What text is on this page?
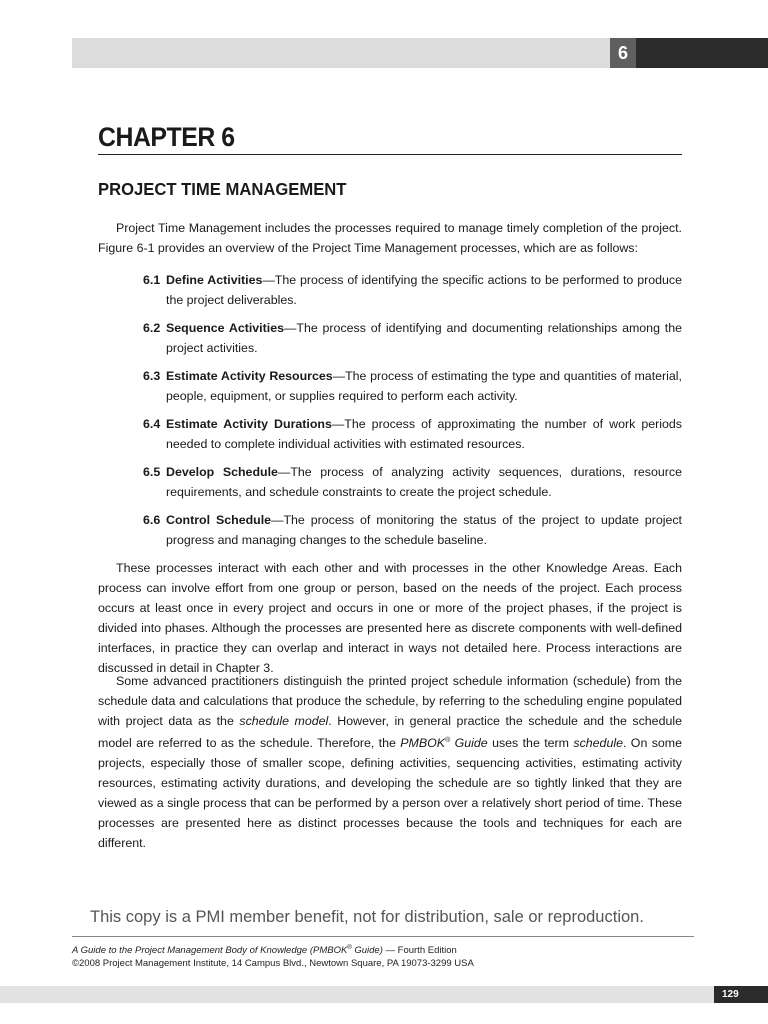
6
CHAPTER 6
PROJECT TIME MANAGEMENT
Project Time Management includes the processes required to manage timely completion of the project. Figure 6-1 provides an overview of the Project Time Management processes, which are as follows:
6.1 Define Activities—The process of identifying the specific actions to be performed to produce the project deliverables.
6.2 Sequence Activities—The process of identifying and documenting relationships among the project activities.
6.3 Estimate Activity Resources—The process of estimating the type and quantities of material, people, equipment, or supplies required to perform each activity.
6.4 Estimate Activity Durations—The process of approximating the number of work periods needed to complete individual activities with estimated resources.
6.5 Develop Schedule—The process of analyzing activity sequences, durations, resource requirements, and schedule constraints to create the project schedule.
6.6 Control Schedule—The process of monitoring the status of the project to update project progress and managing changes to the schedule baseline.
These processes interact with each other and with processes in the other Knowledge Areas. Each process can involve effort from one group or person, based on the needs of the project. Each process occurs at least once in every project and occurs in one or more of the project phases, if the project is divided into phases. Although the processes are presented here as discrete components with well-defined interfaces, in practice they can overlap and interact in ways not detailed here. Process interactions are discussed in detail in Chapter 3.
Some advanced practitioners distinguish the printed project schedule information (schedule) from the schedule data and calculations that produce the schedule, by referring to the scheduling engine populated with project data as the schedule model. However, in general practice the schedule and the schedule model are referred to as the schedule. Therefore, the PMBOK® Guide uses the term schedule. On some projects, especially those of smaller scope, defining activities, sequencing activities, estimating activity resources, estimating activity durations, and developing the schedule are so tightly linked that they are viewed as a single process that can be performed by a person over a relatively short period of time. These processes are presented here as distinct processes because the tools and techniques for each are different.
This copy is a PMI member benefit, not for distribution, sale or reproduction.
A Guide to the Project Management Body of Knowledge (PMBOK® Guide) — Fourth Edition
©2008 Project Management Institute, 14 Campus Blvd., Newtown Square, PA 19073-3299 USA
129
